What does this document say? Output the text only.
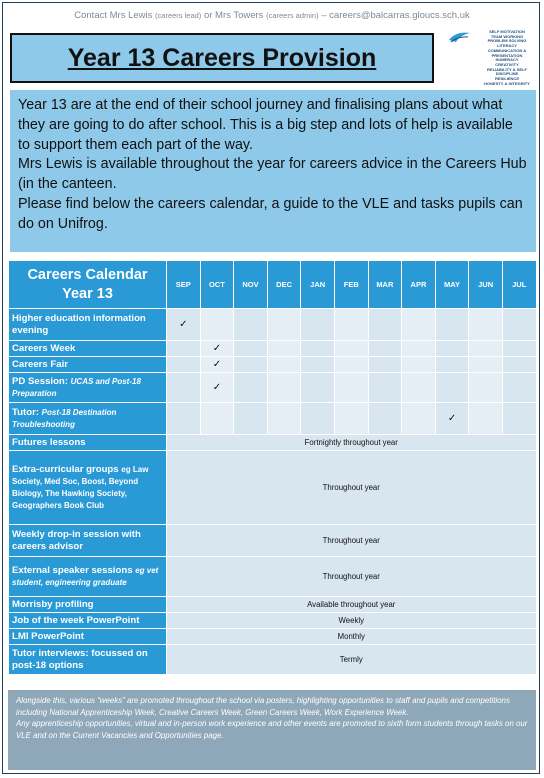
Contact Mrs Lewis (careers lead) or Mrs Towers (careers admin) – careers@balcarras.gloucs.sch.uk
Year 13 Careers Provision
SELF MOTIVATION
TEAM WORKING
PROBLEM SOLVING
LITERACY
COMMUNICATION & PRESENTATION
NUMERACY
CREATIVITY
RELIABILITY & SELF DISCIPLINE
RESILIENCE
HONESTY & INTEGRITY

Year 13 are at the end of their school journey and finalising plans about what they are going to do after school. This is a big step and lots of help is available to support them each part of the way.

Mrs Lewis is available throughout the year for careers advice in the Careers Hub (in the canteen.

Please find below the careers calendar, a guide to the VLE and tasks pupils can do on Unifrog.

Careers Calendar
Year 13	SEP	OCT	NOV	DEC	JAN	FEB	MAR	APR	MAY	JUN	JUL
Higher education information evening	✓										
Careers Week		✓									
Careers Fair		✓									
PD Session: UCAS and Post-18 Preparation		✓									
Tutor: Post-18 Destination Troubleshooting									✓		
Futures lessons	Fortnightly throughout year										
Extra-curricular groups eg Law Society, Med Soc, Boost, Beyond Biology, The Hawking Society, Geographers Book Club	Throughout year										
Weekly drop-in session with careers advisor	Throughout year										
External speaker sessions eg vet student, engineering graduate	Throughout year										
Morrisby profiling	Available throughout year										
Job of the week PowerPoint	Weekly										
LMI PowerPoint	Monthly										
Tutor interviews: focussed on post-18 options	Termly										

Alongside this, various “weeks” are promoted throughout the school via posters, highlighting opportunities to staff and pupils and competitions including National Apprenticeship Week, Creative Careers Week, Green Careers Week, Work Experience Week.

Any apprenticeship opportunities, virtual and in-person work experience and other events are promoted to sixth form students through tasks on our VLE and on the Current Vacancies and Opportunities page.
